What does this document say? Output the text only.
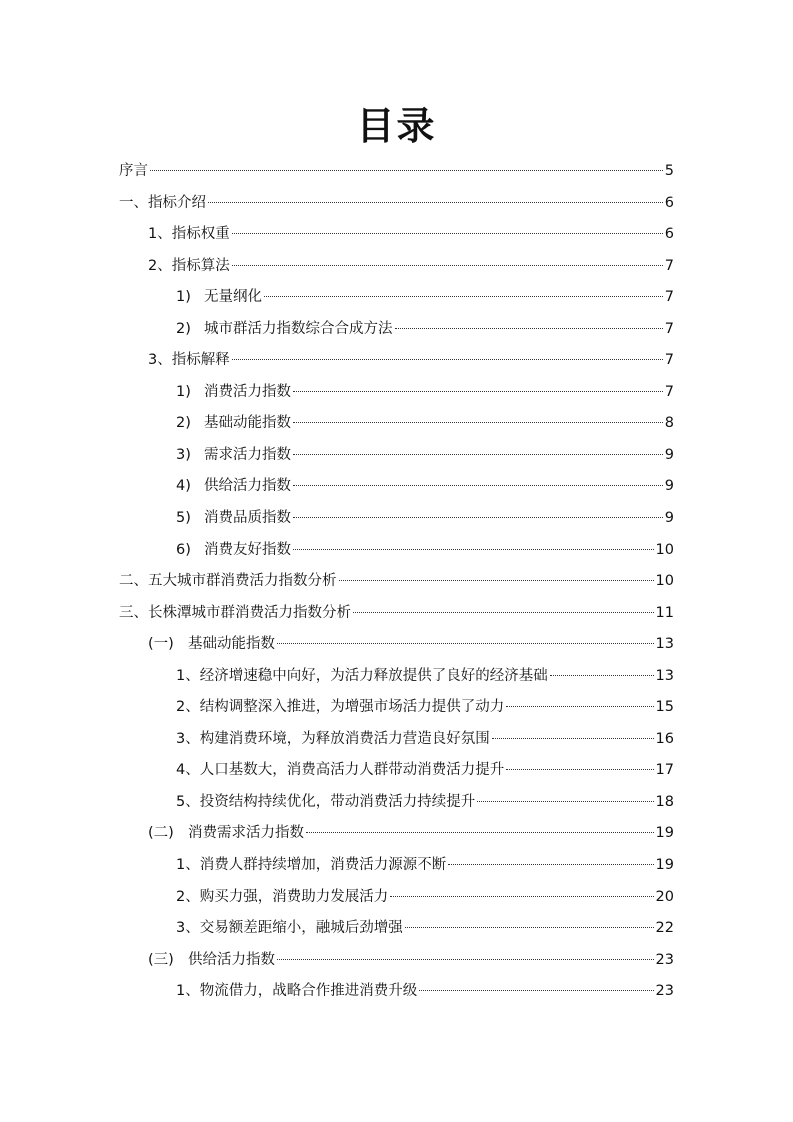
目录
序言	5
一、指标介绍	6
1、指标权重	6
2、指标算法	7
1) 无量纲化	7
2) 城市群活力指数综合合成方法	7
3、指标解释	7
1) 消费活力指数	7
2) 基础动能指数	8
3) 需求活力指数	9
4) 供给活力指数	9
5) 消费品质指数	9
6) 消费友好指数	10
二、五大城市群消费活力指数分析	10
三、长株潭城市群消费活力指数分析	11
(一) 基础动能指数	13
1、经济增速稳中向好，为活力释放提供了良好的经济基础	13
2、结构调整深入推进，为增强市场活力提供了动力	15
3、构建消费环境，为释放消费活力营造良好氛围	16
4、人口基数大，消费高活力人群带动消费活力提升	17
5、投资结构持续优化，带动消费活力持续提升	18
(二) 消费需求活力指数	19
1、消费人群持续增加，消费活力源源不断	19
2、购买力强，消费助力发展活力	20
3、交易额差距缩小，融城后劲增强	22
(三) 供给活力指数	23
1、物流借力，战略合作推进消费升级	23
